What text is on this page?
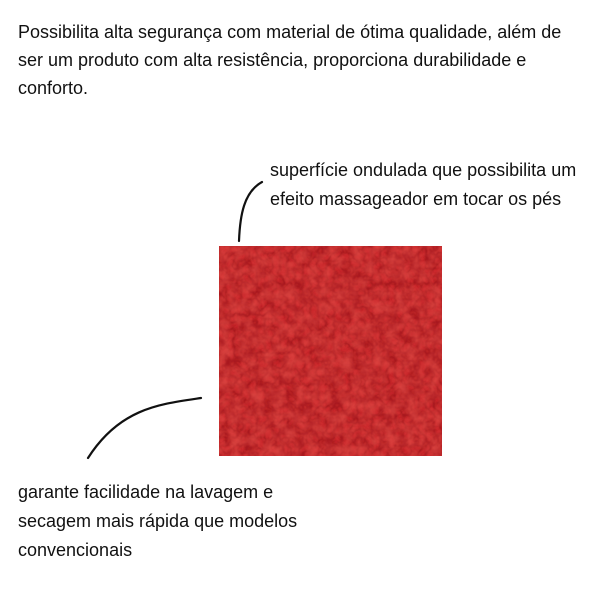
Possibilita alta segurança com material de ótima qualidade, além de ser um produto com alta resistência, proporciona durabilidade e conforto.
superfície ondulada que possibilita um efeito massageador em tocar os pés
garante facilidade na lavagem e secagem mais rápida que modelos convencionais
